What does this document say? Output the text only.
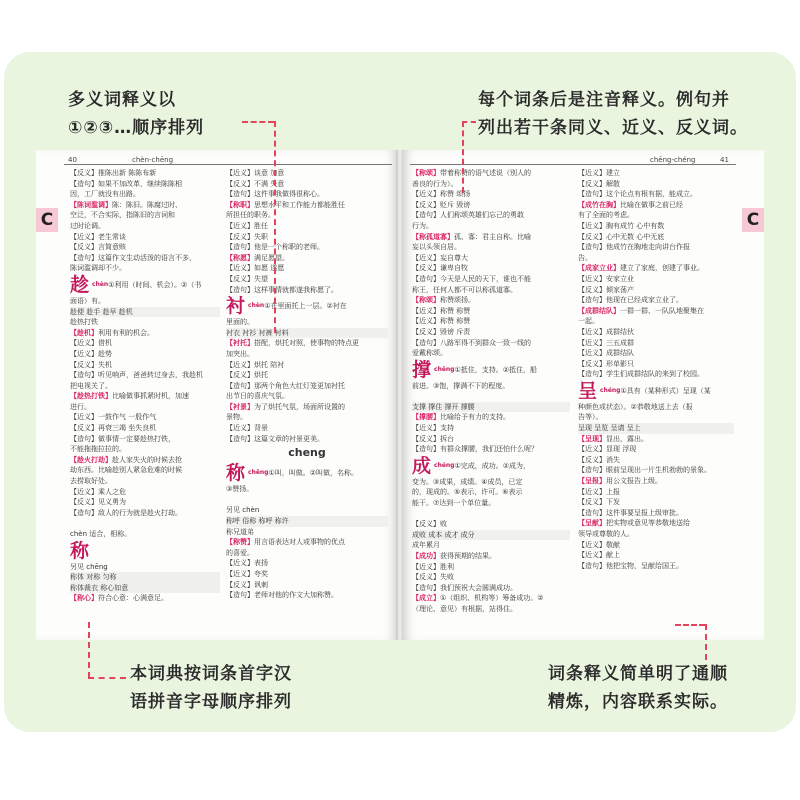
多义词释义以
①②③…顺序排列
每个词条后是注音释义。例句并
列出若干条同义、近义、反义词。
本词典按词条首字汉
语拼音字母顺序排列
词条释义简单明了通顺
精炼，内容联系实际。
40	chèn-chēng
C
【反义】推陈出新 陈陈布新
【造句】如果不加改革，继续陈陈相
因，工厂就没有出路。
【陈词滥调】陈：陈旧。陈腐过时、
空泛，不合实际，指陈旧的言词和
过时论调。
【近义】老生常谈
【反义】言简意赅
【造句】这篇作文生动活泼的语言不多，
陈词滥调却不少。
趁 $^{chèn①利用(时间、机会)。②(书}$
面语）有。
趁便 趁手 趁早 趁机
趁热打铁
【趁机】利用有利的机会。
【近义】借机
【近义】趁势
【反义】失机
【造句】听见响声，爸爸转过身去，我趁机
把电视关了。
【趁热打铁】比喻做事抓紧时机，加速
进行。
【近义】一鼓作气 一股作气
【反义】再衰三竭 坐失良机
【造句】做事情一定要趁热打铁，
不能拖拖拉拉的。
【趁火打劫】趁人家失火的时候去抢
劫东西。比喻趁别人紧急危难的时候
去捞取好处。
【近义】乘人之危
【反义】见义勇为
【造句】敌人的行为就是趁火打劫。
chèn 适合，相称。
称
另见 chēng
称体 对称 匀称
称体裁衣 称心如意
【称心】符合心意：心满意足。
【近义】谈意 加意
【反义】不满 失意
【造句】这件事我做得很称心。
【称职】思想水平和工作能力都能胜任
所担任的职务。
【近义】胜任
【反义】失职
【造句】他是一个称职的老师。
【称愿】满足愿望。
【近义】如愿 遂愿
【反义】失望
【造句】这样事情就都遂我称愿了。
衬 $^{chèn①在里面托上一层。②衬在}$
里面的。
衬衣 衬衫 衬裤 衬料
【衬托】搭配，烘托对照，使事物的特点更
加突出。
【近义】烘托 陪衬
【反义】烘托
【造句】那两个角色大红灯笼更加衬托
出节日的喜庆气氛。
【衬景】为了烘托气氛，场面所设置的
景物。
【近义】背景
【造句】这篇文章的衬景更美。
cheng
称 $^{chēng①叫,叫做。②叫做,名称。}$
③赞扬。
另见 chèn
称呼 俗称 称呼 称许
称兄道弟
【称赞】用言语表达对人或事物的优点
的喜爱。
【近义】表扬
【近义】夸奖
【反义】讽刺
【造句】老师对他的作文大加称赞。
chēng-chéng	41
C
【称颂】带着称赞的语气述说（别人的
善良的行为）。
【近义】称赞 颂扬
【反义】贬斥 毁谤
【造句】人们称颂英雄们忘己的勇敢
行为。
【称孤道寡】孤、寡：君主自称。比喻
妄以头领自居。
【近义】妄自尊大
【反义】谦卑自牧
【造句】今天是人民的天下，谁也不能
称王，任何人都不可以称孤道寡。
【称颂】称赞颂扬。
【近义】称赞 称赞
【近义】称赞 称赞
【反义】毁谤 斥责
【造句】八路军得不到群众一致一线的
爱戴称颂。
撑 $^{chēng①抵住,支持。②抵住,船}$
前进。③饱，撑满不下的程度。
支撑 撑住 撑开 撑腰
【撑腰】比喻给予有力的支持。
【近义】支持
【反义】拆台
【造句】有群众撑腰，我们还怕什么呢？
成 $^{chéng①完成,成功。②成为,}$
变为。③成果，成绩。④成员，已定
的，现成的。⑤表示，许可。⑥表示
能干。⑦达到一个单位量。
【反义】败
成败 成本 成才 成分
成年累月
【成功】获得预期的结果。
【近义】胜利
【反义】失败
【造句】我们预祝大会圆满成功。
【成立】①（组织、机构等）筹备成功。②
（理论、意见）有根据，站得住。
【近义】建立
【反义】解散
【造句】这个论点有根有据，能成立。
【成竹在胸】比喻在做事之前已经
有了全面的考虑。
【近义】胸有成竹 心中有数
【反义】心中无数 心中无底
【造句】他成竹在胸地走向讲台作报
告。
【成家立业】建立了家庭，创建了事业。
【近义】安家立业
【反义】倾家荡产
【造句】他现在已经成家立业了。
【成群结队】一群一群、一队队地聚集在
一起。
【近义】成群结伙
【近义】三五成群
【近义】成群结队
【反义】形单影只
【造句】学生们成群结队的来到了校园。
呈 $^{chéng①具有(某种形式)呈现(某}$
种颜色或状态）。②恭敬地送上去（报
告等）。
呈现 呈览 呈请 呈上
【呈现】显出，露出。
【近义】显现 浮现
【反义】消失
【造句】眼前呈现出一片生机勃勃的景象。
【呈报】用公文报告上级。
【近义】上报
【反义】下发
【造句】这件事要呈报上级审批。
【呈献】把实物或意见等恭敬地送给
领导或尊敬的人。
【近义】敬献
【近义】献上
【造句】他把宝物，呈献给国王。
